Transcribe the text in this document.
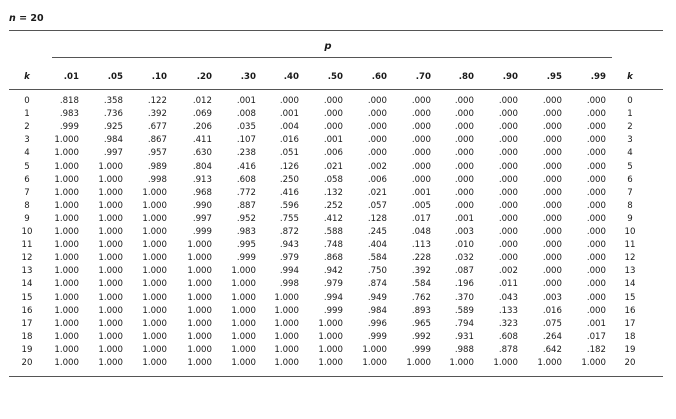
n = 20
p
k	.01	.05	.10	.20	.30	.40	.50	.60	.70	.80	.90	.95	.99	k
0	.818	.358	.122	.012	.001	.000	.000	.000	.000	.000	.000	.000	.000	0
1	.983	.736	.392	.069	.008	.001	.000	.000	.000	.000	.000	.000	.000	1
2	.999	.925	.677	.206	.035	.004	.000	.000	.000	.000	.000	.000	.000	2
3	1.000	.984	.867	.411	.107	.016	.001	.000	.000	.000	.000	.000	.000	3
4	1.000	.997	.957	.630	.238	.051	.006	.000	.000	.000	.000	.000	.000	4
5	1.000	1.000	.989	.804	.416	.126	.021	.002	.000	.000	.000	.000	.000	5
6	1.000	1.000	.998	.913	.608	.250	.058	.006	.000	.000	.000	.000	.000	6
7	1.000	1.000	1.000	.968	.772	.416	.132	.021	.001	.000	.000	.000	.000	7
8	1.000	1.000	1.000	.990	.887	.596	.252	.057	.005	.000	.000	.000	.000	8
9	1.000	1.000	1.000	.997	.952	.755	.412	.128	.017	.001	.000	.000	.000	9
10	1.000	1.000	1.000	.999	.983	.872	.588	.245	.048	.003	.000	.000	.000 10
11	1.000	1.000	1.000	1.000	.995	.943	.748	.404	.113	.010	.000	.000	.000 11
12	1.000	1.000	1.000	1.000	.999	.979	.868	.584	.228	.032	.000	.000	.000 12
13	1.000	1.000	1.000	1.000	1.000	.994	.942	.750	.392	.087	.002	.000	.000 13
14	1.000	1.000	1.000	1.000	1.000	.998	.979	.874	.584	.196	.011	.000	.000 14
15	1.000	1.000	1.000	1.000	1.000	1.000	.994	.949	.762	.370	.043	.003	.000 15
16	1.000	1.000	1.000	1.000	1.000	1.000	.999	.984	.893	.589	.133	.016	.000 16
17	1.000	1.000	1.000	1.000	1.000	1.000	1.000	.996	.965	.794	.323	.075	.001 17
18	1.000	1.000	1.000	1.000	1.000	1.000	1.000	.999	.992	.931	.608	.264	.017 18
19	1.000	1.000	1.000	1.000	1.000	1.000	1.000	1.000	.999	.988	.878	.642	.182 19
20	1.000	1.000	1.000	1.000	1.000	1.000	1.000	1.000	1.000	1.000	1.000	1.000	1.000 20
